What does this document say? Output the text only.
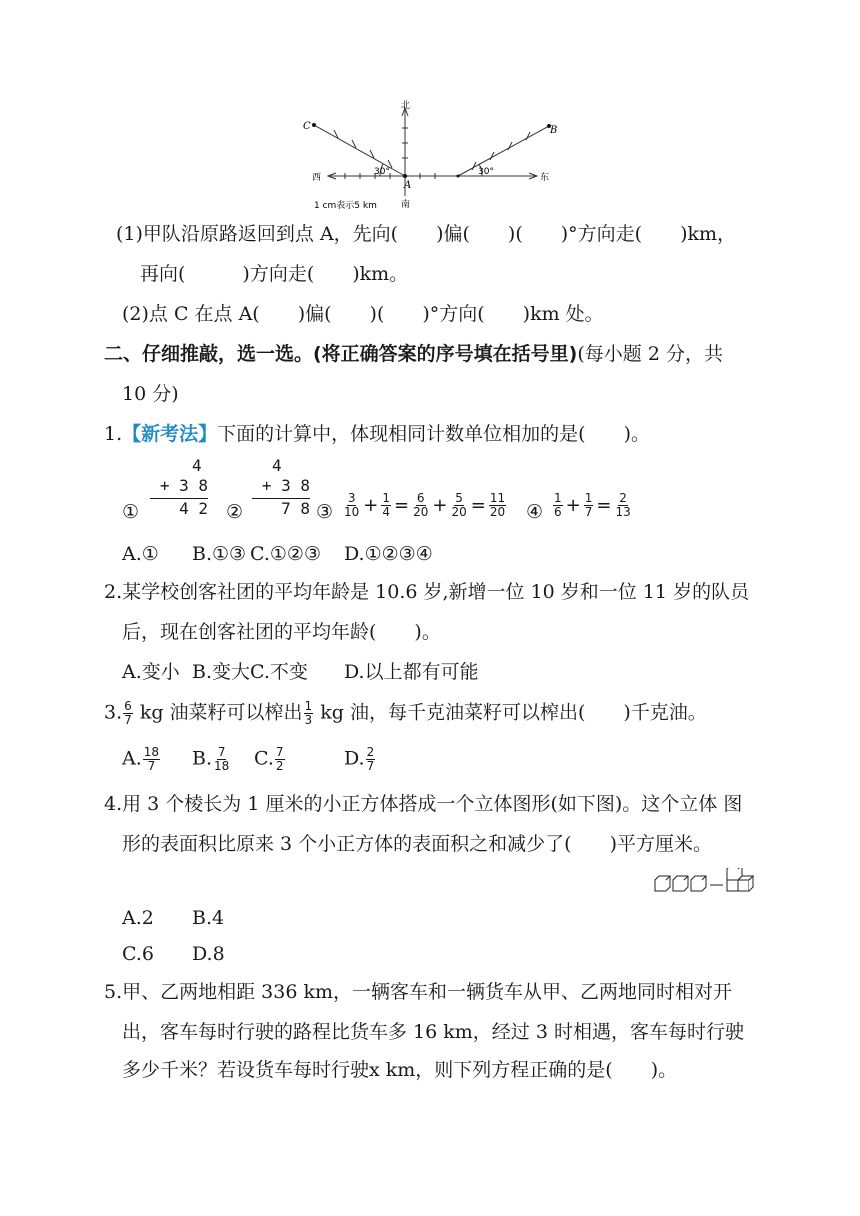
北
南
西	东
A
C	B
30°	30°
1 cm表示5 km
(1)甲队沿原路返回到点 A，先向(　　)偏(　　)(　　)°方向走(　　)km，
再向(　　　)方向走(　　)km。
(2)点 C 在点 A(　　)偏(　　)(　　)°方向(　　)km 处。
二、仔细推敲，选一选。(将正确答案的序号填在括号里)(每小题 2 分，共
10 分)
1.【新考法】下面的计算中，体现相同计数单位相加的是(　　)。
①
4
+ 3 8
4 2 ②
4
+ 3 8
7 8 ③ $\frac{3}{10} + \frac{1}{4} = \frac{6}{20} + \frac{5}{20} = \frac{11}{20}$ ④ $\frac{1}{6} + \frac{1}{7} = \frac{2}{13}$
A.① B.①③ C.①②③ D.①②③④
2.某学校创客社团的平均年龄是 10.6 岁,新增一位 10 岁和一位 11 岁的队员
后，现在创客社团的平均年龄(　　)。
A.变小 B.变大 C.不变 D.以上都有可能
3. $\frac{6}{7}$ kg 油菜籽可以榨出 $\frac{1}{3}$ kg 油，每千克油菜籽可以榨出(　　)千克油。
A. $\frac{18}{7} B$. $\frac{7}{18} C$. $\frac{7}{2}$	D. $\frac{2}{7}$
4.用 3 个棱长为 1 厘米的小正方体搭成一个立体图形(如下图)。这个立体 图
形的表面积比原来 3 个小正方体的表面积之和减少了(　　)平方厘米。
A.2 B.4
C.6 D.8
5.甲、乙两地相距 336 km，一辆客车和一辆货车从甲、乙两地同时相对开
出，客车每时行驶的路程比货车多 16 km，经过 3 时相遇，客车每时行驶
多少千米？若设货车每时行驶x km，则下列方程正确的是(　　)。
